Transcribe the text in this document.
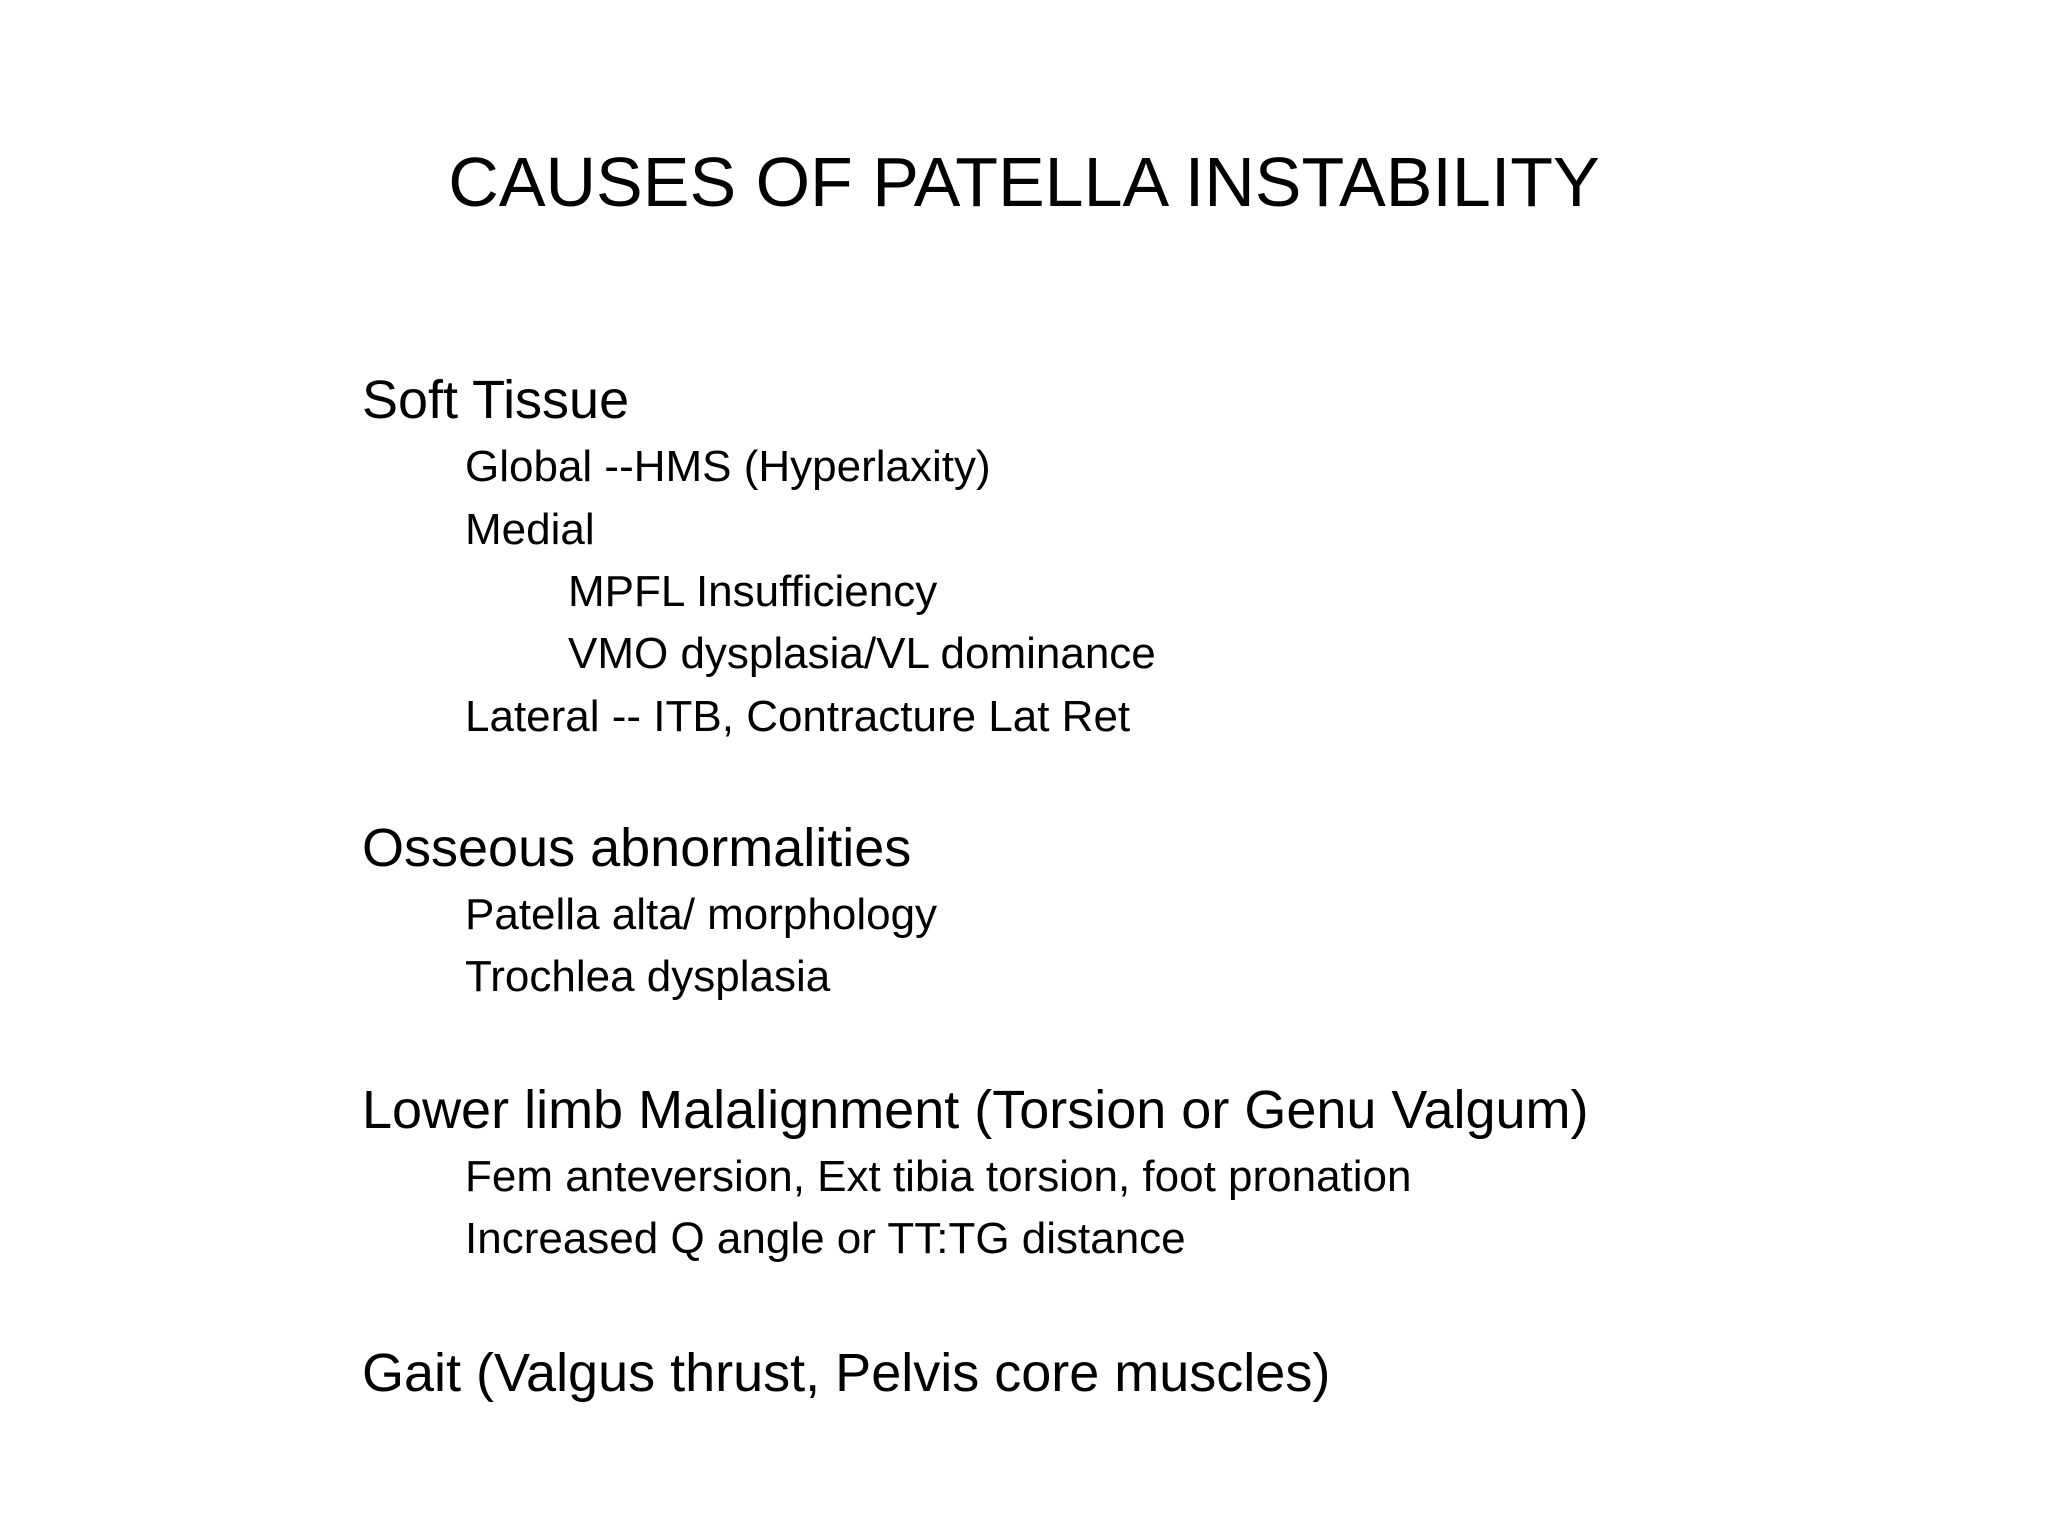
CAUSES OF PATELLA INSTABILITY

Soft Tissue

Global --HMS (Hyperlaxity)

Medial

MPFL Insufficiency

VMO dysplasia/VL dominance

Lateral -- ITB, Contracture Lat Ret

Osseous abnormalities

Patella alta/ morphology

Trochlea dysplasia

Lower limb Malalignment (Torsion or Genu Valgum)

Fem anteversion, Ext tibia torsion, foot pronation

Increased Q angle or TT:TG distance

Gait (Valgus thrust, Pelvis core muscles)
